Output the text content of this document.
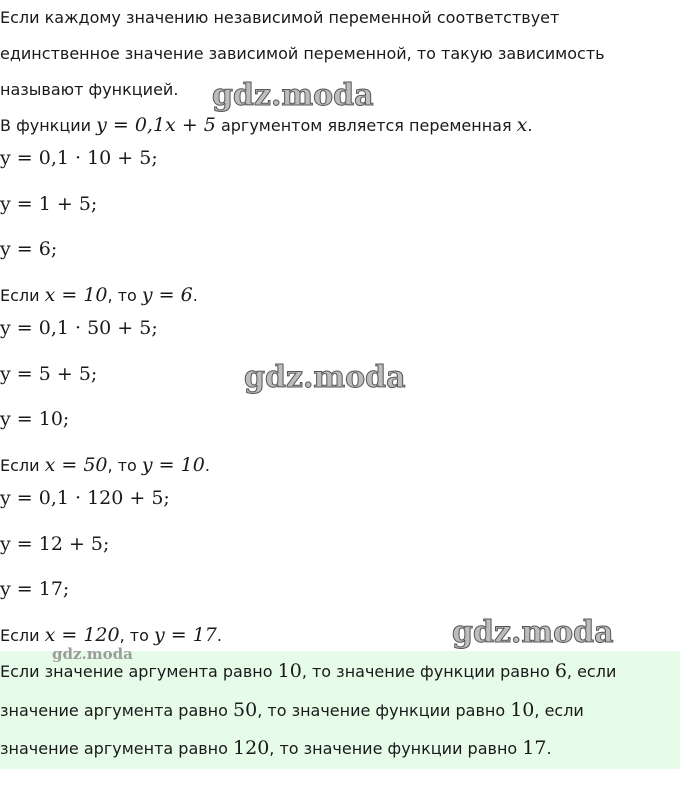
Если каждому значению независимой переменной соответствует
единственное значение зависимой переменной, то такую зависимость
называют функцией.
В функции y = 0,1x + 5 аргументом является переменная x.
y = 0,1 · 10 + 5;
y = 1 + 5;
y = 6;
Если x = 10, то y = 6.
y = 0,1 · 50 + 5;
y = 5 + 5;
y = 10;
Если x = 50, то y = 10.
y = 0,1 · 120 + 5;
y = 12 + 5;
y = 17;
Если x = 120, то y = 17.
Если значение аргумента равно 10, то значение функции равно 6, если
значение аргумента равно 50, то значение функции равно 10, если
значение аргумента равно 120, то значение функции равно 17.
gdz.moda
gdz.moda
gdz.moda
gdz.moda
